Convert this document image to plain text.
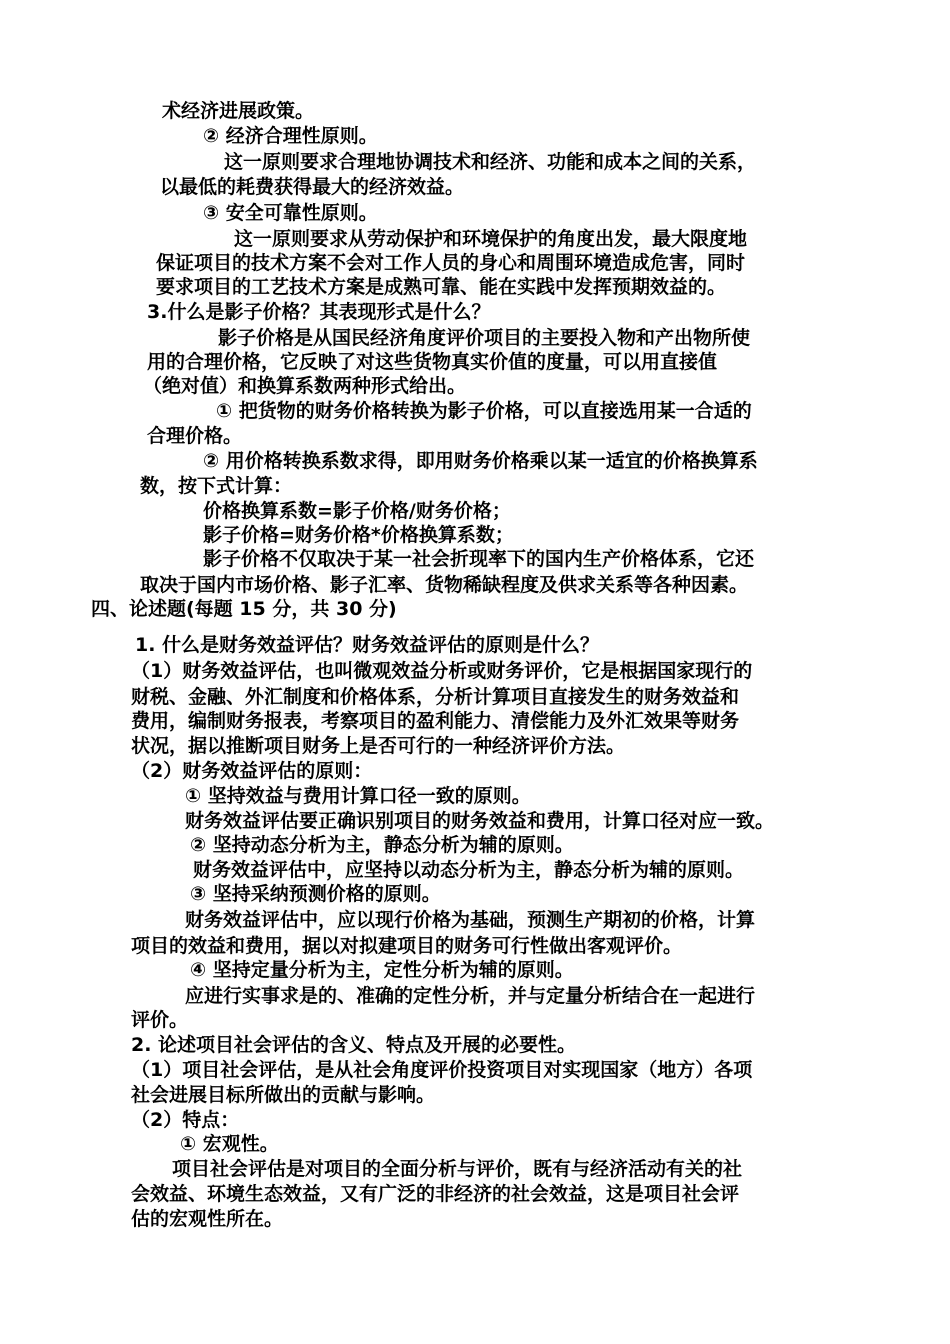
术经济进展政策。
② 经济合理性原则。
这一原则要求合理地协调技术和经济、功能和成本之间的关系，
以最低的耗费获得最大的经济效益。
③ 安全可靠性原则。
这一原则要求从劳动保护和环境保护的角度出发，最大限度地
保证项目的技术方案不会对工作人员的身心和周围环境造成危害，同时
要求项目的工艺技术方案是成熟可靠、能在实践中发挥预期效益的。
3.什么是影子价格？其表现形式是什么？
影子价格是从国民经济角度评价项目的主要投入物和产出物所使
用的合理价格，它反映了对这些货物真实价值的度量，可以用直接值
（绝对值）和换算系数两种形式给出。
① 把货物的财务价格转换为影子价格，可以直接选用某一合适的
合理价格。
② 用价格转换系数求得，即用财务价格乘以某一适宜的价格换算系
数，按下式计算：
价格换算系数=影子价格/财务价格；
影子价格=财务价格*价格换算系数；
影子价格不仅取决于某一社会折现率下的国内生产价格体系，它还
取决于国内市场价格、影子汇率、货物稀缺程度及供求关系等各种因素。
四、论述题(每题 15 分，共 30 分)
1. 什么是财务效益评估？财务效益评估的原则是什么？
（1）财务效益评估，也叫微观效益分析或财务评价，它是根据国家现行的
财税、金融、外汇制度和价格体系，分析计算项目直接发生的财务效益和
费用，编制财务报表，考察项目的盈利能力、清偿能力及外汇效果等财务
状况，据以推断项目财务上是否可行的一种经济评价方法。
（2）财务效益评估的原则：
① 坚持效益与费用计算口径一致的原则。
财务效益评估要正确识别项目的财务效益和费用，计算口径对应一致。
② 坚持动态分析为主，静态分析为辅的原则。
财务效益评估中，应坚持以动态分析为主，静态分析为辅的原则。
③ 坚持采纳预测价格的原则。
财务效益评估中，应以现行价格为基础，预测生产期初的价格，计算
项目的效益和费用，据以对拟建项目的财务可行性做出客观评价。
④ 坚持定量分析为主，定性分析为辅的原则。
应进行实事求是的、准确的定性分析，并与定量分析结合在一起进行
评价。
2. 论述项目社会评估的含义、特点及开展的必要性。
（1）项目社会评估，是从社会角度评价投资项目对实现国家（地方）各项
社会进展目标所做出的贡献与影响。
（2）特点：
① 宏观性。
项目社会评估是对项目的全面分析与评价，既有与经济活动有关的社
会效益、环境生态效益，又有广泛的非经济的社会效益，这是项目社会评
估的宏观性所在。
